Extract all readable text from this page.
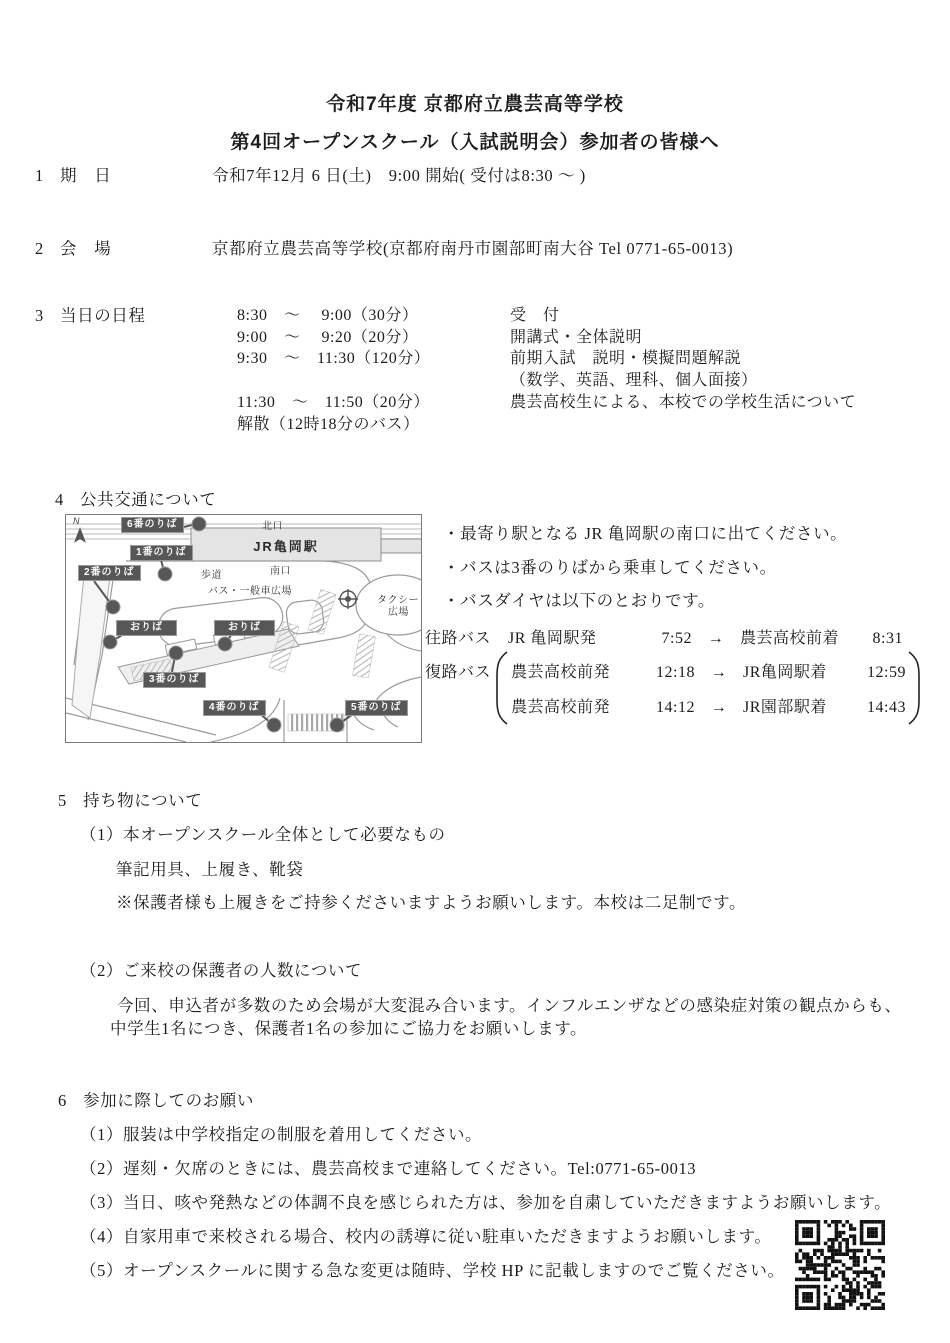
令和7年度 京都府立農芸高等学校
第4回オープンスクール（入試説明会）参加者の皆様へ
1 期　日	令和7年12月 6 日(土)　9:00 開始( 受付は8:30 ～ )
2 会　場	京都府立農芸高等学校(京都府南丹市園部町南大谷 Tel 0771-65-0013)
3 当日の日程	8:30　～　 9:00（30分）	受　付
9:00　～　 9:20（20分）	開講式・全体説明
9:30　～　11:30（120分）	前期入試　説明・模擬問題解説
（数学、英語、理科、個人面接）
11:30　～　11:50（20分）	農芸高校生による、本校での学校生活について
解散（12時18分のバス）
4 公共交通について
N	北口
JR亀岡駅
南口
歩道
バス・一般車広場
タクシー
広場
6番のりば
1番のりば
2番のりば
おりば	おりば
3番のりば
4番のりば	5番のりば
・最寄り駅となる JR 亀岡駅の南口に出てください。
・バスは3番のりばから乗車してください。
・バスダイヤは以下のとおりです。
往路バス JR 亀岡駅発	7:52 → 農芸高校前着 8:31
復路バス 農芸高校前発	12:18 → JR亀岡駅着	12:59
農芸高校前発	14:12 → JR園部駅着	14:43
5 持ち物について
（1）本オープンスクール全体として必要なもの
筆記用具、上履き、靴袋
※保護者様も上履きをご持参くださいますようお願いします。本校は二足制です。
（2）ご来校の保護者の人数について
今回、申込者が多数のため会場が大変混み合います。インフルエンザなどの感染症対策の観点からも、
中学生1名につき、保護者1名の参加にご協力をお願いします。
6 参加に際してのお願い
（1）服装は中学校指定の制服を着用してください。
（2）遅刻・欠席のときには、農芸高校まで連絡してください。Tel:0771-65-0013
（3）当日、咳や発熱などの体調不良を感じられた方は、参加を自粛していただきますようお願いします。
（4）自家用車で来校される場合、校内の誘導に従い駐車いただきますようお願いします。
（5）オープンスクールに関する急な変更は随時、学校 HP に記載しますのでご覧ください。
